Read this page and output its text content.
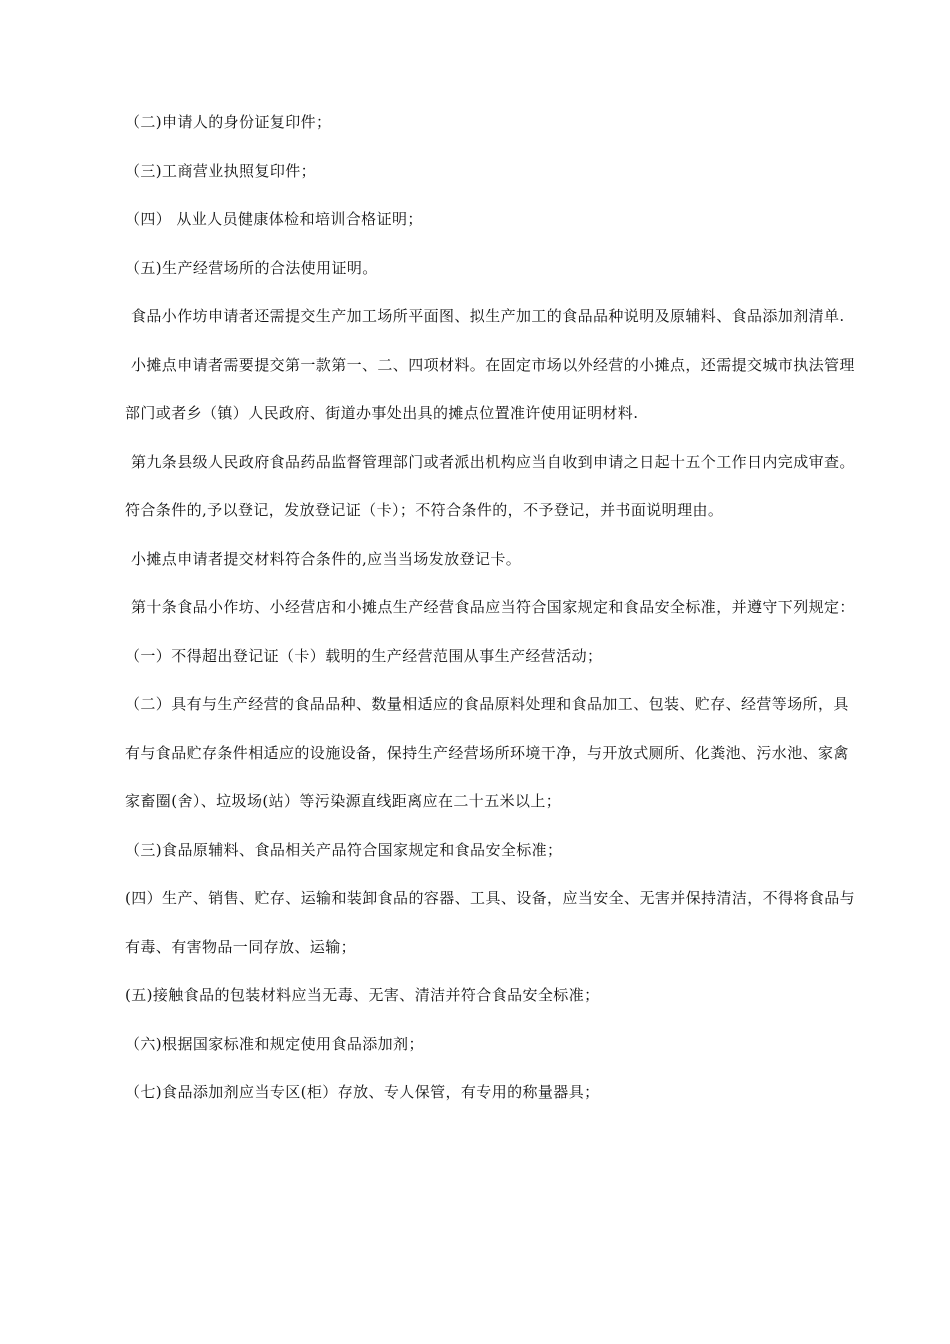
（二)申请人的身份证复印件；

（三)工商营业执照复印件；

（四） 从业人员健康体检和培训合格证明；

（五)生产经营场所的合法使用证明。

食品小作坊申请者还需提交生产加工场所平面图、拟生产加工的食品品种说明及原辅料、食品添加剂清单.

小摊点申请者需要提交第一款第一、二、四项材料。在固定市场以外经营的小摊点，还需提交城市执法管理部门或者乡（镇）人民政府、街道办事处出具的摊点位置准许使用证明材料.

第九条县级人民政府食品药品监督管理部门或者派出机构应当自收到申请之日起十五个工作日内完成审查。符合条件的,予以登记，发放登记证（卡）；不符合条件的，不予登记，并书面说明理由。

小摊点申请者提交材料符合条件的,应当当场发放登记卡。

第十条食品小作坊、小经营店和小摊点生产经营食品应当符合国家规定和食品安全标准，并遵守下列规定：

（一）不得超出登记证（卡）载明的生产经营范围从事生产经营活动；

（二）具有与生产经营的食品品种、数量相适应的食品原料处理和食品加工、包装、贮存、经营等场所，具有与食品贮存条件相适应的设施设备，保持生产经营场所环境干净，与开放式厕所、化粪池、污水池、家禽家畜圈(舍）、垃圾场(站）等污染源直线距离应在二十五米以上；

（三)食品原辅料、食品相关产品符合国家规定和食品安全标准；

(四）生产、销售、贮存、运输和装卸食品的容器、工具、设备，应当安全、无害并保持清洁，不得将食品与有毒、有害物品一同存放、运输；

(五)接触食品的包装材料应当无毒、无害、清洁并符合食品安全标准；

（六)根据国家标准和规定使用食品添加剂；

（七)食品添加剂应当专区(柜）存放、专人保管，有专用的称量器具；
